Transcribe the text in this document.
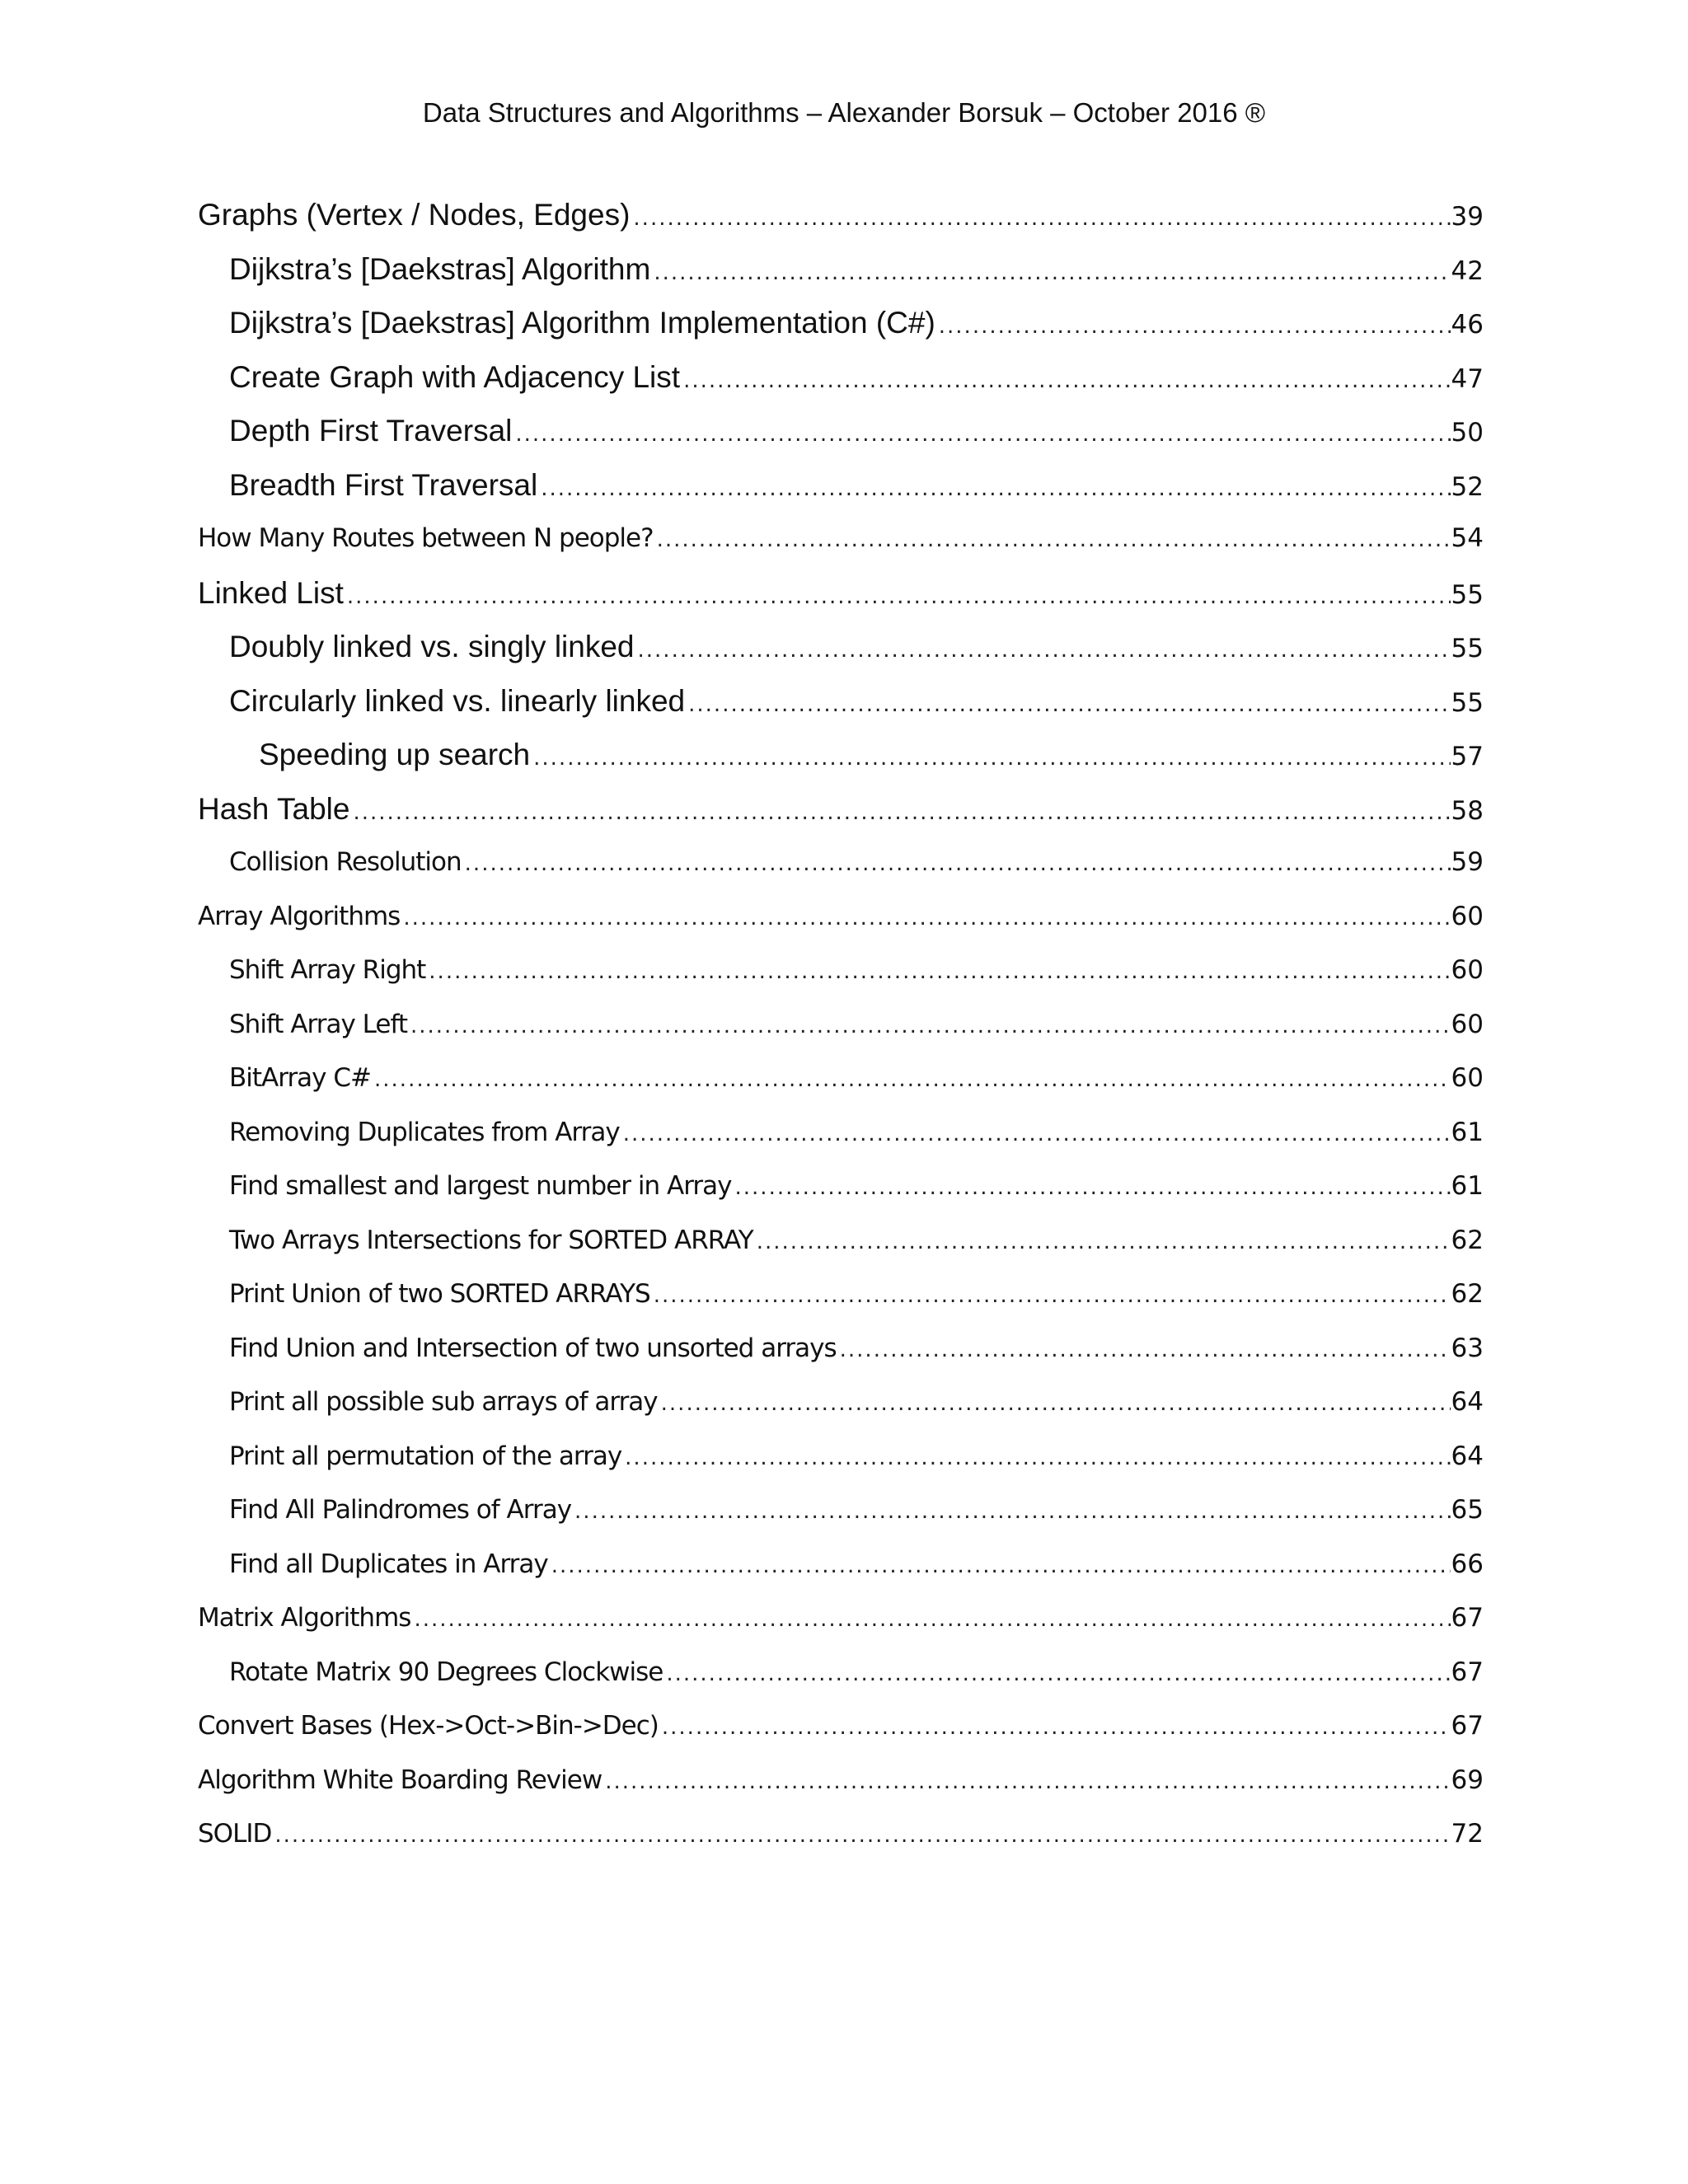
Data Structures and Algorithms – Alexander Borsuk – October 2016 ®
Graphs (Vertex / Nodes, Edges) .....	39
Dijkstra’s [Daekstras] Algorithm .....	42
Dijkstra’s [Daekstras] Algorithm Implementation (C#) .....	46
Create Graph with Adjacency List .....	47
Depth First Traversal .....	50
Breadth First Traversal .....	52
How Many Routes between N people? .....	54
Linked List .....	55
Doubly linked vs. singly linked .....	55
Circularly linked vs. linearly linked .....	55
Speeding up search .....	57
Hash Table .....	58
Collision Resolution .....	59
Array Algorithms .....	60
Shift Array Right .....	60
Shift Array Left .....	60
BitArray C# .....	60
Removing Duplicates from Array .....	61
Find smallest and largest number in Array .....	61
Two Arrays Intersections for SORTED ARRAY .....	62
Print Union of two SORTED ARRAYS .....	62
Find Union and Intersection of two unsorted arrays .....	63
Print all possible sub arrays of array .....	64
Print all permutation of the array .....	64
Find All Palindromes of Array .....	65
Find all Duplicates in Array .....	66
Matrix Algorithms .....	67
Rotate Matrix 90 Degrees Clockwise .....	67
Convert Bases (Hex->Oct->Bin->Dec) .....	67
Algorithm White Boarding Review .....	69
SOLID .....	72
